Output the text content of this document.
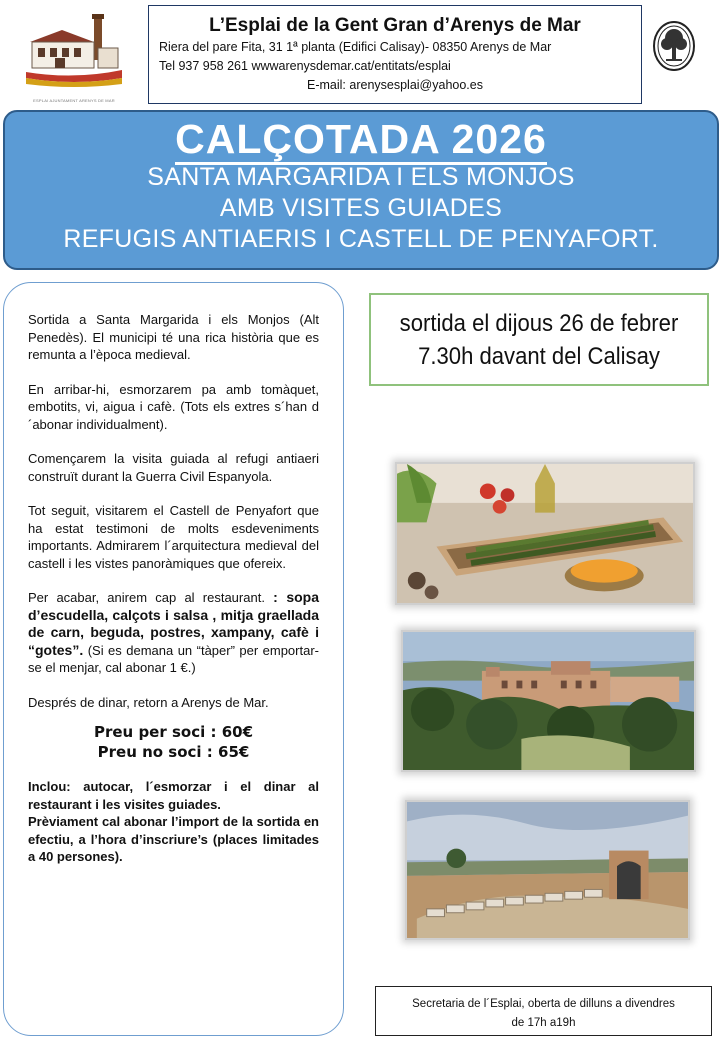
ESPLAI AJUNTAMENT ARENYS DE MAR
L’Esplai de la Gent Gran d’Arenys de Mar
Riera del pare Fita, 31 1ª planta (Edifici Calisay)- 08350 Arenys de Mar
Tel 937 958 261 wwwarenysdemar.cat/entitats/esplai
E-mail: arenysesplai@yahoo.es
CALÇOTADA 2026
SANTA MARGARIDA I ELS MONJOS
AMB VISITES GUIADES
REFUGIS ANTIAERIS I CASTELL DE PENYAFORT.

Sortida a Santa Margarida i els Monjos (Alt Penedès). El municipi té una rica història que es remunta a l’època medieval.

En arribar-hi, esmorzarem pa amb tomàquet, embotits, vi, aigua i cafè. (Tots els extres s´han d´abonar individualment).

Començarem la visita guiada al refugi antiaeri construït durant la Guerra Civil Espanyola.

Tot seguit, visitarem el Castell de Penyafort que ha estat testimoni de molts esdeveniments importants. Admirarem l´arquitectura medieval del castell i les vistes panoràmiques que ofereix.

Per acabar, anirem cap al restaurant. : sopa d’escudella, calçots i salsa , mitja graellada de carn, beguda, postres, xampany, cafè i “gotes”. (Si es demana un “tàper” per emportar-se el menjar, cal abonar 1 €.)

Després de dinar, retorn a Arenys de Mar.

Preu per soci : 60€
Preu no soci : 65€

Inclou: autocar, l´esmorzar i el dinar al restaurant i les visites guiades.

Prèviament cal abonar l’import de la sortida en efectiu, a l’hora d’inscriure’s (places limitades a 40 persones).

sortida el dijous 26 de febrer
7.30h davant del Calisay
Secretaria de l´Esplai, oberta de dilluns a divendres
de 17h a19h
